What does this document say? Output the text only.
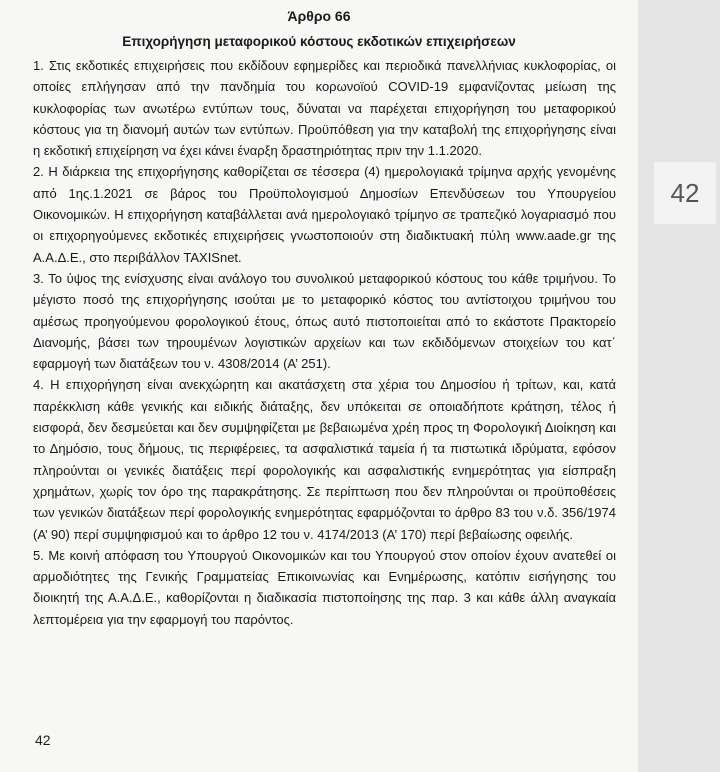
Άρθρο 66
Επιχορήγηση μεταφορικού κόστους εκδοτικών επιχειρήσεων

1. Στις εκδοτικές επιχειρήσεις που εκδίδουν εφημερίδες και περιοδικά πανελλήνιας κυκλοφορίας, οι οποίες επλήγησαν από την πανδημία του κορωνοϊού COVID-19 εμφανίζοντας μείωση της κυκλοφορίας των ανωτέρω εντύπων τους, δύναται να παρέχεται επιχορήγηση του μεταφορικού κόστους για τη διανομή αυτών των εντύπων. Προϋπόθεση για την καταβολή της επιχορήγησης είναι η εκδοτική επιχείρηση να έχει κάνει έναρξη δραστηριότητας πριν την 1.1.2020.

2. Η διάρκεια της επιχορήγησης καθορίζεται σε τέσσερα (4) ημερολογιακά τρίμηνα αρχής γενομένης από 1ης.1.2021 σε βάρος του Προϋπολογισμού Δημοσίων Επενδύσεων του Υπουργείου Οικονομικών. Η επιχορήγηση καταβάλλεται ανά ημερολογιακό τρίμηνο σε τραπεζικό λογαριασμό που οι επιχορηγούμενες εκδοτικές επιχειρήσεις γνωστοποιούν στη διαδικτυακή πύλη www.aade.gr της Α.Α.Δ.Ε., στο περιβάλλον TAXISnet.

3. Το ύψος της ενίσχυσης είναι ανάλογο του συνολικού μεταφορικού κόστους του κάθε τριμήνου. Το μέγιστο ποσό της επιχορήγησης ισούται με το μεταφορικό κόστος του αντίστοιχου τριμήνου του αμέσως προηγούμενου φορολογικού έτους, όπως αυτό πιστοποιείται από το εκάστοτε Πρακτορείο Διανομής, βάσει των τηρουμένων λογιστικών αρχείων και των εκδιδόμενων στοιχείων του κατ΄ εφαρμογή των διατάξεων του ν. 4308/2014 (Α’ 251).

4. Η επιχορήγηση είναι ανεκχώρητη και ακατάσχετη στα χέρια του Δημοσίου ή τρίτων, και, κατά παρέκκλιση κάθε γενικής και ειδικής διάταξης, δεν υπόκειται σε οποιαδήποτε κράτηση, τέλος ή εισφορά, δεν δεσμεύεται και δεν συμψηφίζεται με βεβαιωμένα χρέη προς τη Φορολογική Διοίκηση και το Δημόσιο, τους δήμους, τις περιφέρειες, τα ασφαλιστικά ταμεία ή τα πιστωτικά ιδρύματα, εφόσον πληρούνται οι γενικές διατάξεις περί φορολογικής και ασφαλιστικής ενημερότητας για είσπραξη χρημάτων, χωρίς τον όρο της παρακράτησης. Σε περίπτωση που δεν πληρούνται οι προϋποθέσεις των γενικών διατάξεων περί φορολογικής ενημερότητας εφαρμόζονται το άρθρο 83 του ν.δ. 356/1974 (Α’ 90) περί συμψηφισμού και το άρθρο 12 του ν. 4174/2013 (Α’ 170) περί βεβαίωσης οφειλής.

5. Με κοινή απόφαση του Υπουργού Οικονομικών και του Υπουργού στον οποίον έχουν ανατεθεί οι αρμοδιότητες της Γενικής Γραμματείας Επικοινωνίας και Ενημέρωσης, κατόπιν εισήγησης του διοικητή της Α.Α.Δ.Ε., καθορίζονται η διαδικασία πιστοποίησης της παρ. 3 και κάθε άλλη αναγκαία λεπτομέρεια για την εφαρμογή του παρόντος.

42
42
